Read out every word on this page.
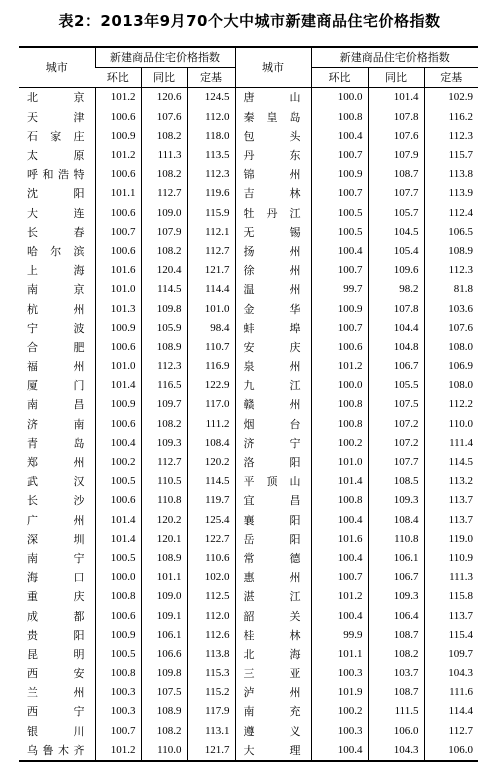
表2：2013年9月70个大中城市新建商品住宅价格指数
城市	新建商品住宅价格指数			城市	新建商品住宅价格指数		
	环比	同比	定基		环比	同比	定基
北　京	101.2	120.6	124.5	唐　山	100.0	101.4	102.9
天　津	100.6	107.6	112.0	秦皇岛	100.8	107.8	116.2
石家庄	100.9	108.2	118.0	包　头	100.4	107.6	112.3
太　原	101.2	111.3	113.5	丹　东	100.7	107.9	115.7
呼和浩特	100.6	108.2	112.3	锦　州	100.9	108.7	113.8
沈　阳	101.1	112.7	119.6	吉　林	100.7	107.7	113.9
大　连	100.6	109.0	115.9	牡丹江	100.5	105.7	112.4
长　春	100.7	107.9	112.1	无　锡	100.5	104.5	106.5
哈尔滨	100.6	108.2	112.7	扬　州	100.4	105.4	108.9
上　海	101.6	120.4	121.7	徐　州	100.7	109.6	112.3
南　京	101.0	114.5	114.4	温　州	99.7	98.2	81.8
杭　州	101.3	109.8	101.0	金　华	100.9	107.8	103.6
宁　波	100.9	105.9	98.4	蚌　埠	100.7	104.4	107.6
合　肥	100.6	108.9	110.7	安　庆	100.6	104.8	108.0
福　州	101.0	112.3	116.9	泉　州	101.2	106.7	106.9
厦　门	101.4	116.5	122.9	九　江	100.0	105.5	108.0
南　昌	100.9	109.7	117.0	赣　州	100.8	107.5	112.2
济　南	100.6	108.2	111.2	烟　台	100.8	107.2	110.0
青　岛	100.4	109.3	108.4	济　宁	100.2	107.2	111.4
郑　州	100.2	112.7	120.2	洛　阳	101.0	107.7	114.5
武　汉	100.5	110.5	114.5	平顶山	101.4	108.5	113.2
长　沙	100.6	110.8	119.7	宜　昌	100.8	109.3	113.7
广　州	101.4	120.2	125.4	襄　阳	100.4	108.4	113.7
深　圳	101.4	120.1	122.7	岳　阳	101.6	110.8	119.0
南　宁	100.5	108.9	110.6	常　德	100.4	106.1	110.9
海　口	100.0	101.1	102.0	惠　州	100.7	106.7	111.3
重　庆	100.8	109.0	112.5	湛　江	101.2	109.3	115.8
成　都	100.6	109.1	112.0	韶　关	100.4	106.4	113.7
贵　阳	100.9	106.1	112.6	桂　林	99.9	108.7	115.4
昆　明	100.5	106.6	113.8	北　海	101.1	108.2	109.7
西　安	100.8	109.8	115.3	三　亚	100.3	103.7	104.3
兰　州	100.3	107.5	115.2	泸　州	101.9	108.7	111.6
西　宁	100.3	108.9	117.9	南　充	100.2	111.5	114.4
银　川	100.7	108.2	113.1	遵　义	100.3	106.0	112.7
乌鲁木齐	101.2	110.0	121.7	大　理	100.4	104.3	106.0
